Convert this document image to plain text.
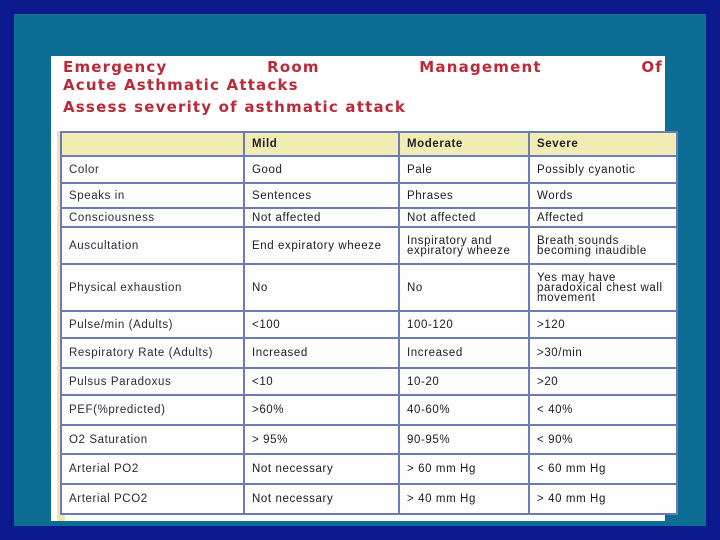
Emergency	Room	Management	Of
Acute Asthmatic Attacks
Assess severity of asthmatic attack
	Mild	Moderate	Severe
Color	Good	Pale	Possibly cyanotic
Speaks in	Sentences	Phrases	Words
Consciousness	Not affected	Not affected	Affected
Auscultation	End expiratory wheeze	Inspiratory and expiratory wheeze	Breath sounds becoming inaudible
Physical exhaustion	No	No	Yes may have paradoxical chest wall movement
Pulse/min (Adults)	<100	100-120	>120
Respiratory Rate (Adults)	Increased	Increased	>30/min
Pulsus Paradoxus	<10	10-20	>20
PEF(%predicted)	>60%	40-60%	< 40%
O2 Saturation	> 95%	90-95%	< 90%
Arterial PO2	Not necessary	> 60 mm Hg	< 60 mm Hg
Arterial PCO2	Not necessary	> 40 mm Hg	> 40 mm Hg
